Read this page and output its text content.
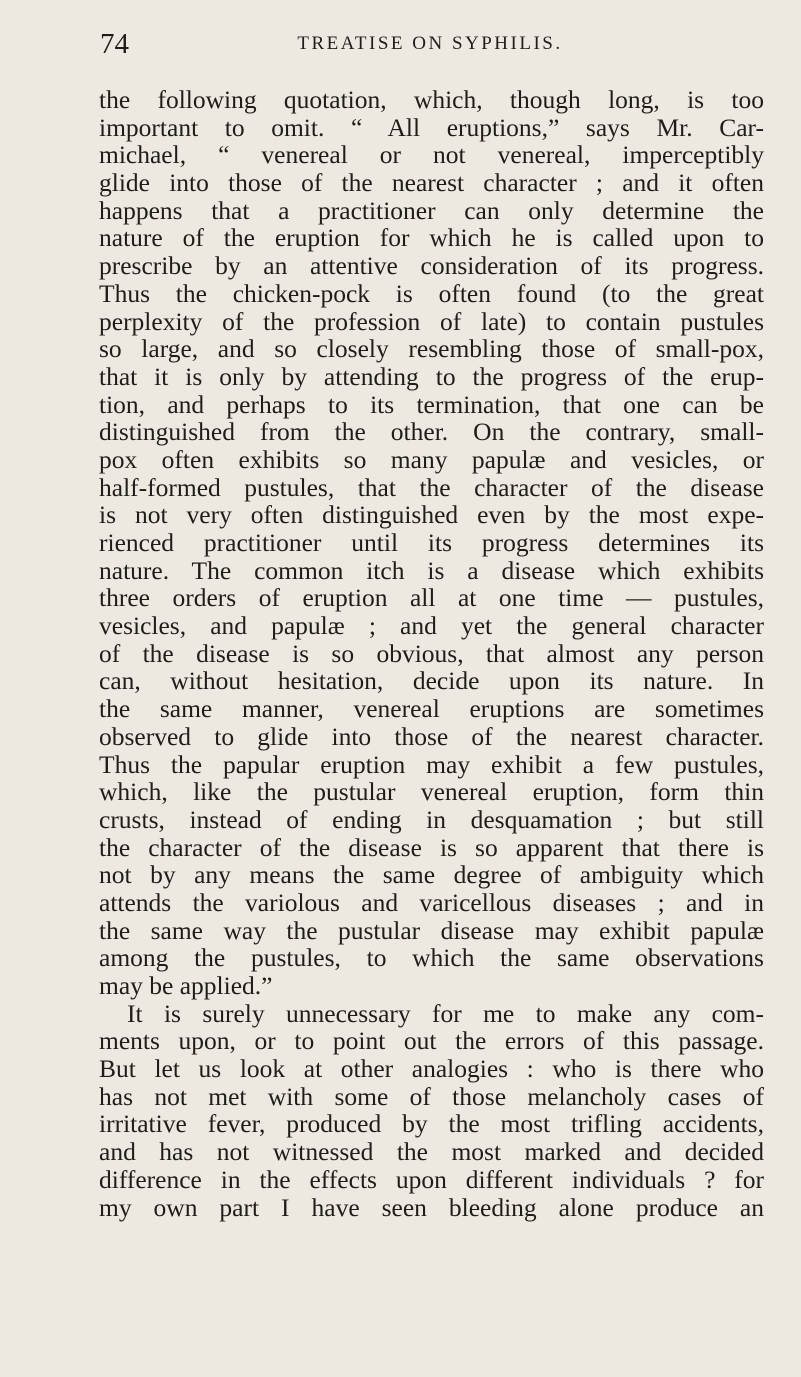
74	TREATISE ON SYPHILIS.
the following quotation, which, though long, is too
important to omit. “ All eruptions,” says Mr. Car-
michael, “ venereal or not venereal, imperceptibly
glide into those of the nearest character ; and it often
happens that a practitioner can only determine the
nature of the eruption for which he is called upon to
prescribe by an attentive consideration of its progress.
Thus the chicken-pock is often found (to the great
perplexity of the profession of late) to contain pustules
so large, and so closely resembling those of small-pox,
that it is only by attending to the progress of the erup-
tion, and perhaps to its termination, that one can be
distinguished from the other. On the contrary, small-
pox often exhibits so many papulæ and vesicles, or
half-formed pustules, that the character of the disease
is not very often distinguished even by the most expe-
rienced practitioner until its progress determines its
nature. The common itch is a disease which exhibits
three orders of eruption all at one time — pustules,
vesicles, and papulæ ; and yet the general character
of the disease is so obvious, that almost any person
can, without hesitation, decide upon its nature. In
the same manner, venereal eruptions are sometimes
observed to glide into those of the nearest character.
Thus the papular eruption may exhibit a few pustules,
which, like the pustular venereal eruption, form thin
crusts, instead of ending in desquamation ; but still
the character of the disease is so apparent that there is
not by any means the same degree of ambiguity which
attends the variolous and varicellous diseases ; and in
the same way the pustular disease may exhibit papulæ
among the pustules, to which the same observations
may be applied.”
It is surely unnecessary for me to make any com-
ments upon, or to point out the errors of this passage.
But let us look at other analogies : who is there who
has not met with some of those melancholy cases of
irritative fever, produced by the most trifling accidents,
and has not witnessed the most marked and decided
difference in the effects upon different individuals ? for
my own part I have seen bleeding alone produce an
